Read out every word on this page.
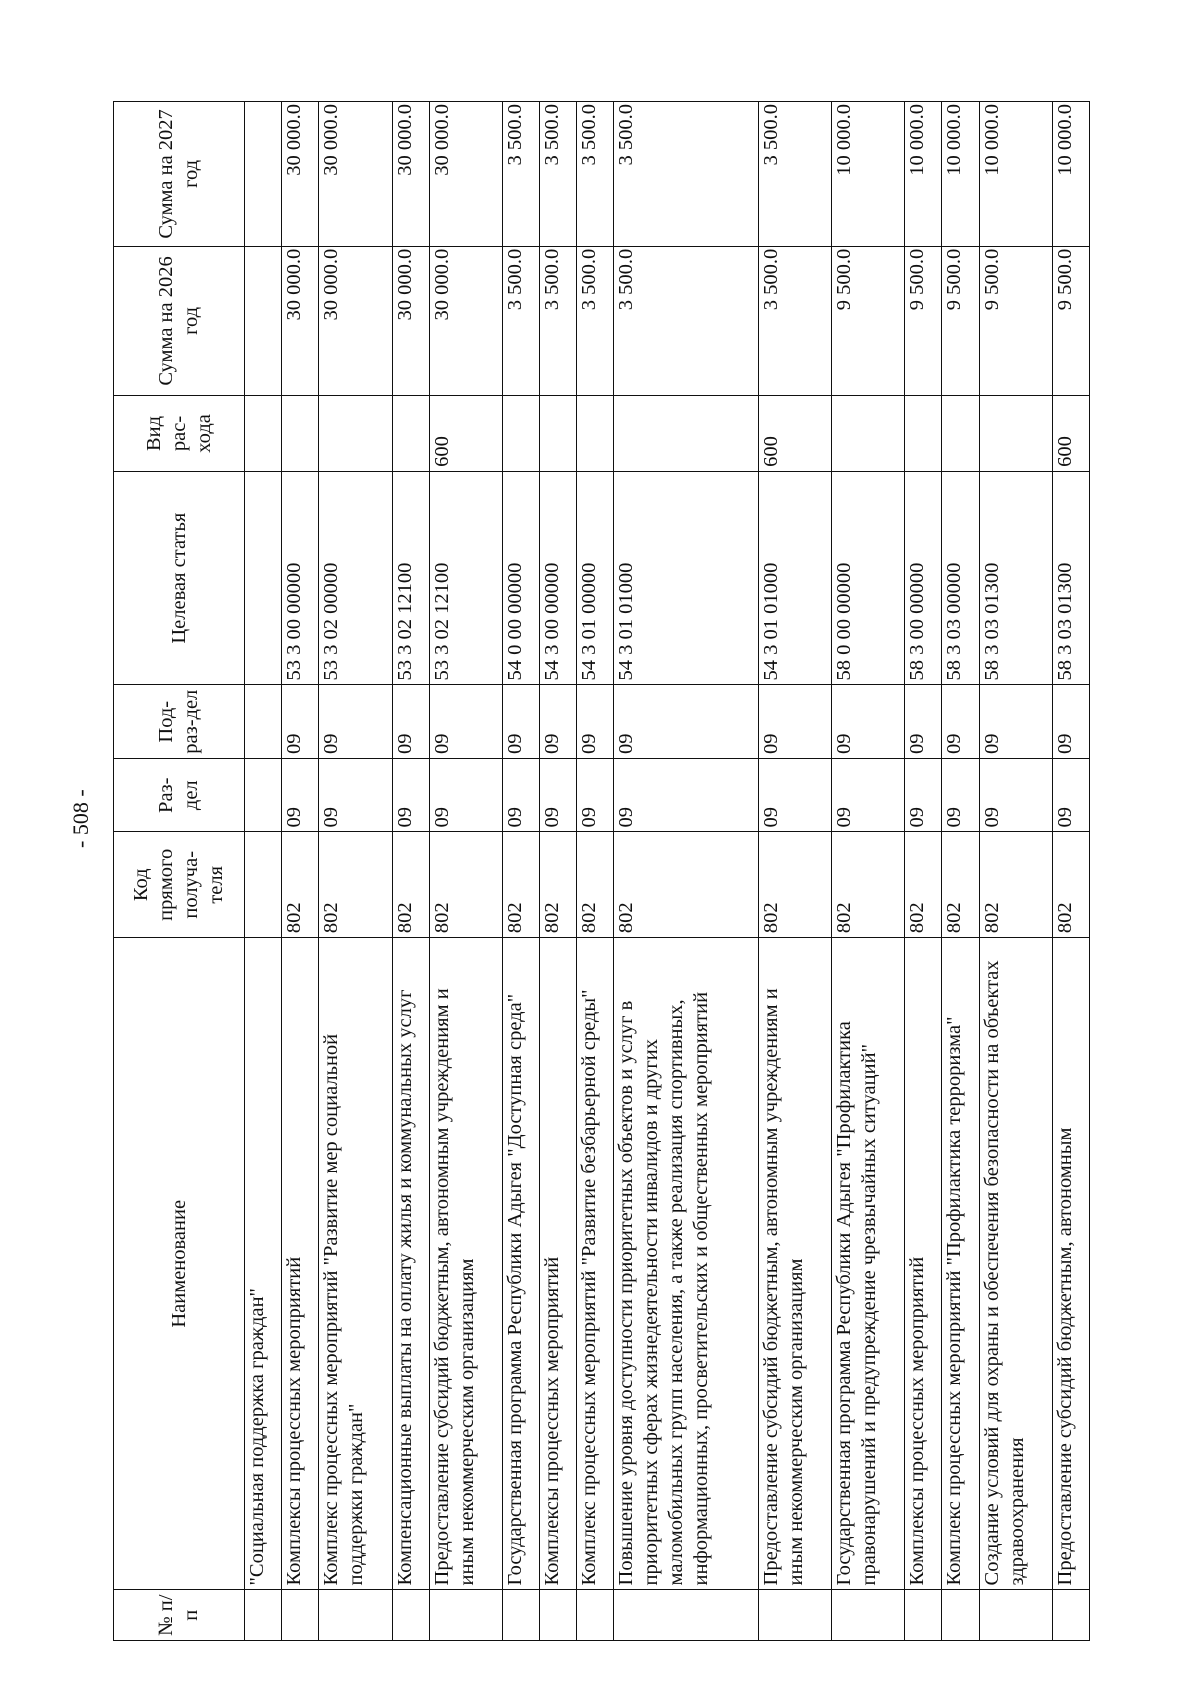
- 508 -
№ п/п	Наименование	Код прямого получа-теля	Раз-дел	Под-раз-дел	Целевая статья	Вид рас-хода	Сумма на 2026 год	Сумма на 2027 год
	"Социальная поддержка граждан"							
	Комплексы процессных мероприятий	802	09	09	53 3 00 00000		30 000.0	30 000.0
	Комплекс процессных мероприятий "Развитие мер социальной поддержки граждан"	802	09	09	53 3 02 00000		30 000.0	30 000.0
	Компенсационные выплаты на оплату жилья и коммунальных услуг	802	09	09	53 3 02 12100		30 000.0	30 000.0
	Предоставление субсидий бюджетным, автономным учреждениям и иным некоммерческим организациям	802	09	09	53 3 02 12100	600	30 000.0	30 000.0
	Государственная программа Республики Адыгея "Доступная среда"	802	09	09	54 0 00 00000		3 500.0	3 500.0
	Комплексы процессных мероприятий	802	09	09	54 3 00 00000		3 500.0	3 500.0
	Комплекс процессных мероприятий "Развитие безбарьерной среды"	802	09	09	54 3 01 00000		3 500.0	3 500.0
	Повышение уровня доступности приоритетных объектов и услуг в приоритетных сферах жизнедеятельности инвалидов и других маломобильных групп населения, а также реализация спортивных, информационных, просветительских и общественных мероприятий	802	09	09	54 3 01 01000		3 500.0	3 500.0
	Предоставление субсидий бюджетным, автономным учреждениям и иным некоммерческим организациям	802	09	09	54 3 01 01000	600	3 500.0	3 500.0
	Государственная программа Республики Адыгея "Профилактика правонарушений и предупреждение чрезвычайных ситуаций"	802	09	09	58 0 00 00000		9 500.0	10 000.0
	Комплексы процессных мероприятий	802	09	09	58 3 00 00000		9 500.0	10 000.0
	Комплекс процессных мероприятий "Профилактика терроризма"	802	09	09	58 3 03 00000		9 500.0	10 000.0
	Создание условий для охраны и обеспечения безопасности на объектах здравоохранения	802	09	09	58 3 03 01300		9 500.0	10 000.0
	Предоставление субсидий бюджетным, автономным	802	09	09	58 3 03 01300	600	9 500.0	10 000.0
